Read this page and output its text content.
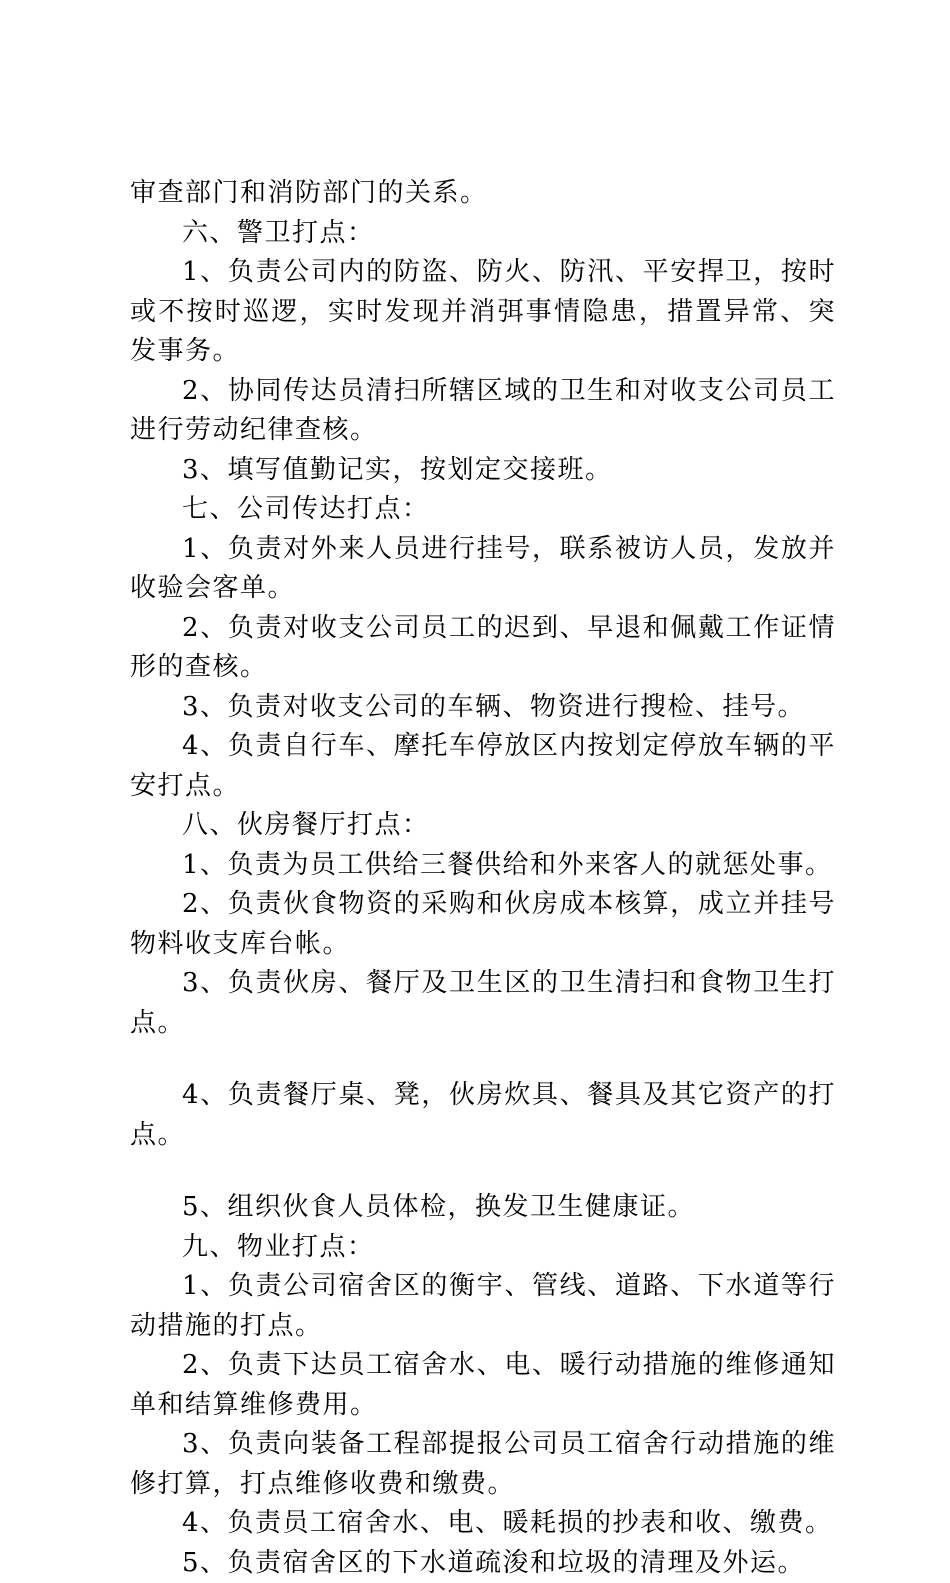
审查部门和消防部门的关系。

六、警卫打点：

1、负责公司内的防盗、防火、防汛、平安捍卫，按时或不按时巡逻，实时发现并消弭事情隐患，措置异常、突发事务。

2、协同传达员清扫所辖区域的卫生和对收支公司员工进行劳动纪律查核。

3、填写值勤记实，按划定交接班。

七、公司传达打点：

1、负责对外来人员进行挂号，联系被访人员，发放并收验会客单。

2、负责对收支公司员工的迟到、早退和佩戴工作证情形的查核。

3、负责对收支公司的车辆、物资进行搜检、挂号。

4、负责自行车、摩托车停放区内按划定停放车辆的平安打点。

八、伙房餐厅打点：

1、负责为员工供给三餐供给和外来客人的就惩处事。

2、负责伙食物资的采购和伙房成本核算，成立并挂号物料收支库台帐。

3、负责伙房、餐厅及卫生区的卫生清扫和食物卫生打点。

4、负责餐厅桌、凳，伙房炊具、餐具及其它资产的打点。

5、组织伙食人员体检，换发卫生健康证。

九、物业打点：

1、负责公司宿舍区的衡宇、管线、道路、下水道等行动措施的打点。

2、负责下达员工宿舍水、电、暖行动措施的维修通知单和结算维修费用。

3、负责向装备工程部提报公司员工宿舍行动措施的维修打算，打点维修收费和缴费。

4、负责员工宿舍水、电、暖耗损的抄表和收、缴费。

5、负责宿舍区的下水道疏浚和垃圾的清理及外运。
